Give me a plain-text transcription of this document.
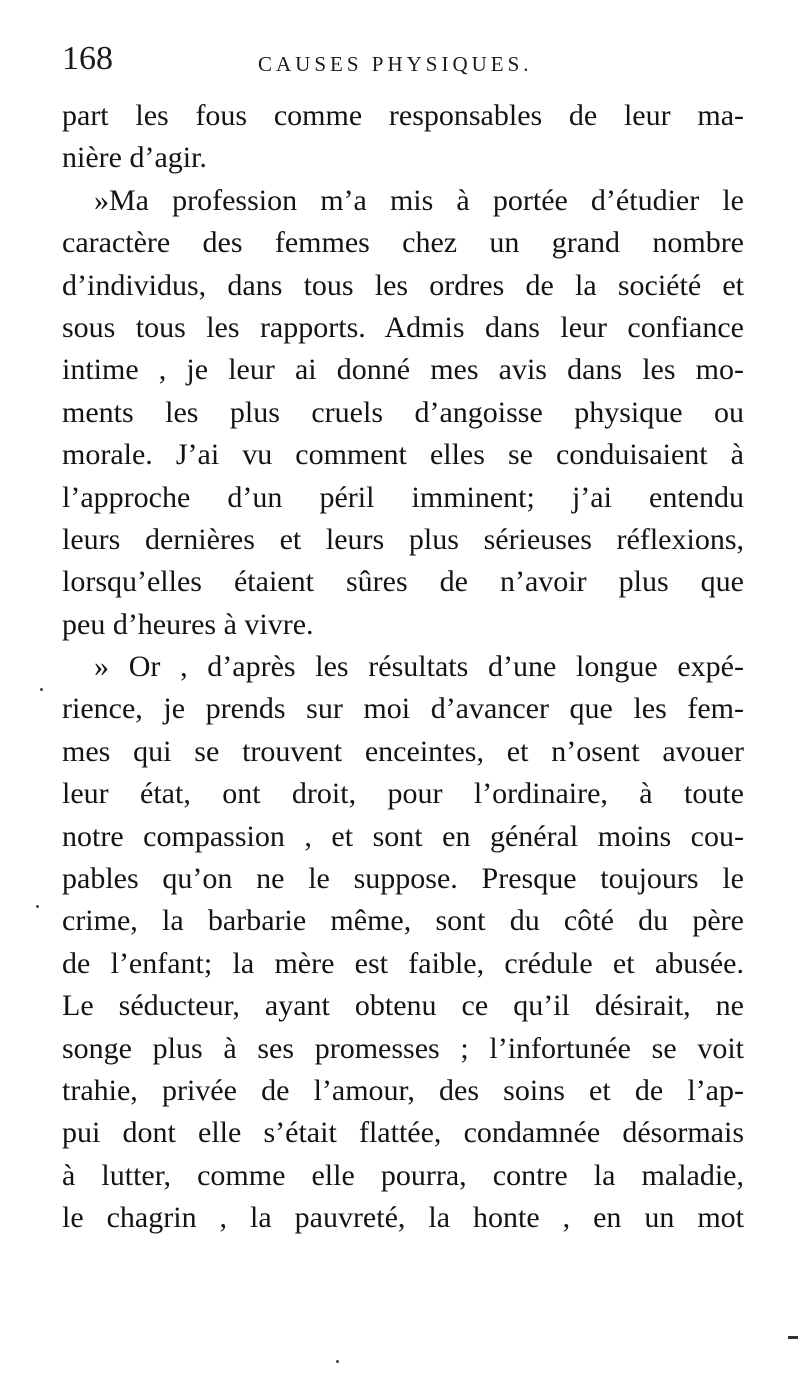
168	CAUSES PHYSIQUES.
part les fous comme responsables de leur ma-
nière d’agir.
»Ma profession m’a mis à portée d’étudier le
caractère des femmes chez un grand nombre
d’individus, dans tous les ordres de la société et
sous tous les rapports. Admis dans leur confiance
intime , je leur ai donné mes avis dans les mo-
ments les plus cruels d’angoisse physique ou
morale. J’ai vu comment elles se conduisaient à
l’approche d’un péril imminent; j’ai entendu
leurs dernières et leurs plus sérieuses réflexions,
lorsqu’elles étaient sûres de n’avoir plus que
peu d’heures à vivre.
» Or , d’après les résultats d’une longue expé-
rience, je prends sur moi d’avancer que les fem-
mes qui se trouvent enceintes, et n’osent avouer
leur état, ont droit, pour l’ordinaire, à toute
notre compassion , et sont en général moins cou-
pables qu’on ne le suppose. Presque toujours le
crime, la barbarie même, sont du côté du père
de l’enfant; la mère est faible, crédule et abusée.
Le séducteur, ayant obtenu ce qu’il désirait, ne
songe plus à ses promesses ; l’infortunée se voit
trahie, privée de l’amour, des soins et de l’ap-
pui dont elle s’était flattée, condamnée désormais
à lutter, comme elle pourra, contre la maladie,
le chagrin , la pauvreté, la honte , en un mot
